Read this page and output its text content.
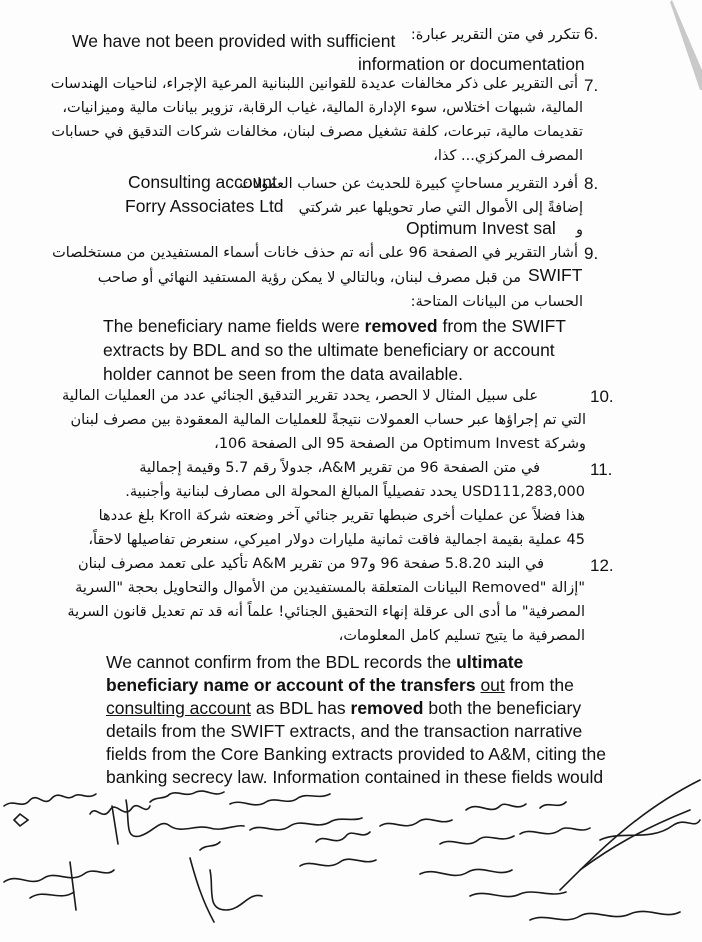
6.
تتكرر في متن التقرير عبارة:
We have not been provided with sufficient
information or documentation
7.
أتى التقرير على ذكر مخالفات عديدة للقوانين اللبنانية المرعية الإجراء، لناحيات الهندسات
المالية، شبهات اختلاس، سوء الإدارة المالية، غياب الرقابة، تزوير بيانات مالية وميزانيات،
تقديمات مالية، تبرعات، كلفة تشغيل مصرف لبنان، مخالفات شركات التدقيق في حسابات
المصرف المركزي... كذا،
8.
أفرد التقرير مساحاتٍ كبيرة للحديث عن حساب العمولات
Consulting account
إضافةً إلى الأموال التي صار تحويلها عبر شركتي
Forry Associates Ltd
و
Optimum Invest sal
9.
أشار التقرير في الصفحة 96 على أنه تم حذف خانات أسماء المستفيدين من مستخلصات
SWIFT
من قبل مصرف لبنان، وبالتالي لا يمكن رؤية المستفيد النهائي أو صاحب
الحساب من البيانات المتاحة:
The beneficiary name fields were removed from the SWIFT
extracts by BDL and so the ultimate beneficiary or account
holder cannot be seen from the data available.
10.
على سبيل المثال لا الحصر، يحدد تقرير التدقيق الجنائي عدد من العمليات المالية
التي تم إجراؤها عبر حساب العمولات نتيجةً للعمليات المالية المعقودة بين مصرف لبنان
وشركة Optimum Invest من الصفحة 95 الى الصفحة 106،
11.
في متن الصفحة 96 من تقرير A&M، جدولاً رقم 5.7 وقيمة إجمالية
USD111,283,000 يحدد تفصيلياً المبالغ المحولة الى مصارف لبنانية وأجنبية.
هذا فضلاً عن عمليات أخرى ضبطها تقرير جنائي آخر وضعته شركة Kroll بلغ عددها
45 عملية بقيمة اجمالية فاقت ثمانية مليارات دولار اميركي، سنعرض تفاصيلها لاحقاً،
12.
في البند 5.8.20 صفحة 96 و97 من تقرير A&M تأكيد على تعمد مصرف لبنان
"إزالة "Removed البيانات المتعلقة بالمستفيدين من الأموال والتحاويل بحجة "السرية
المصرفية" ما أدى الى عرقلة إنهاء التحقيق الجنائي! علماً أنه قد تم تعديل قانون السرية
المصرفية ما يتيح تسليم كامل المعلومات،
We cannot confirm from the BDL records the ultimate
beneficiary name or account of the transfers out from the
consulting account as BDL has removed both the beneficiary
details from the SWIFT extracts, and the transaction narrative
fields from the Core Banking extracts provided to A&M, citing the
banking secrecy law. Information contained in these fields would
